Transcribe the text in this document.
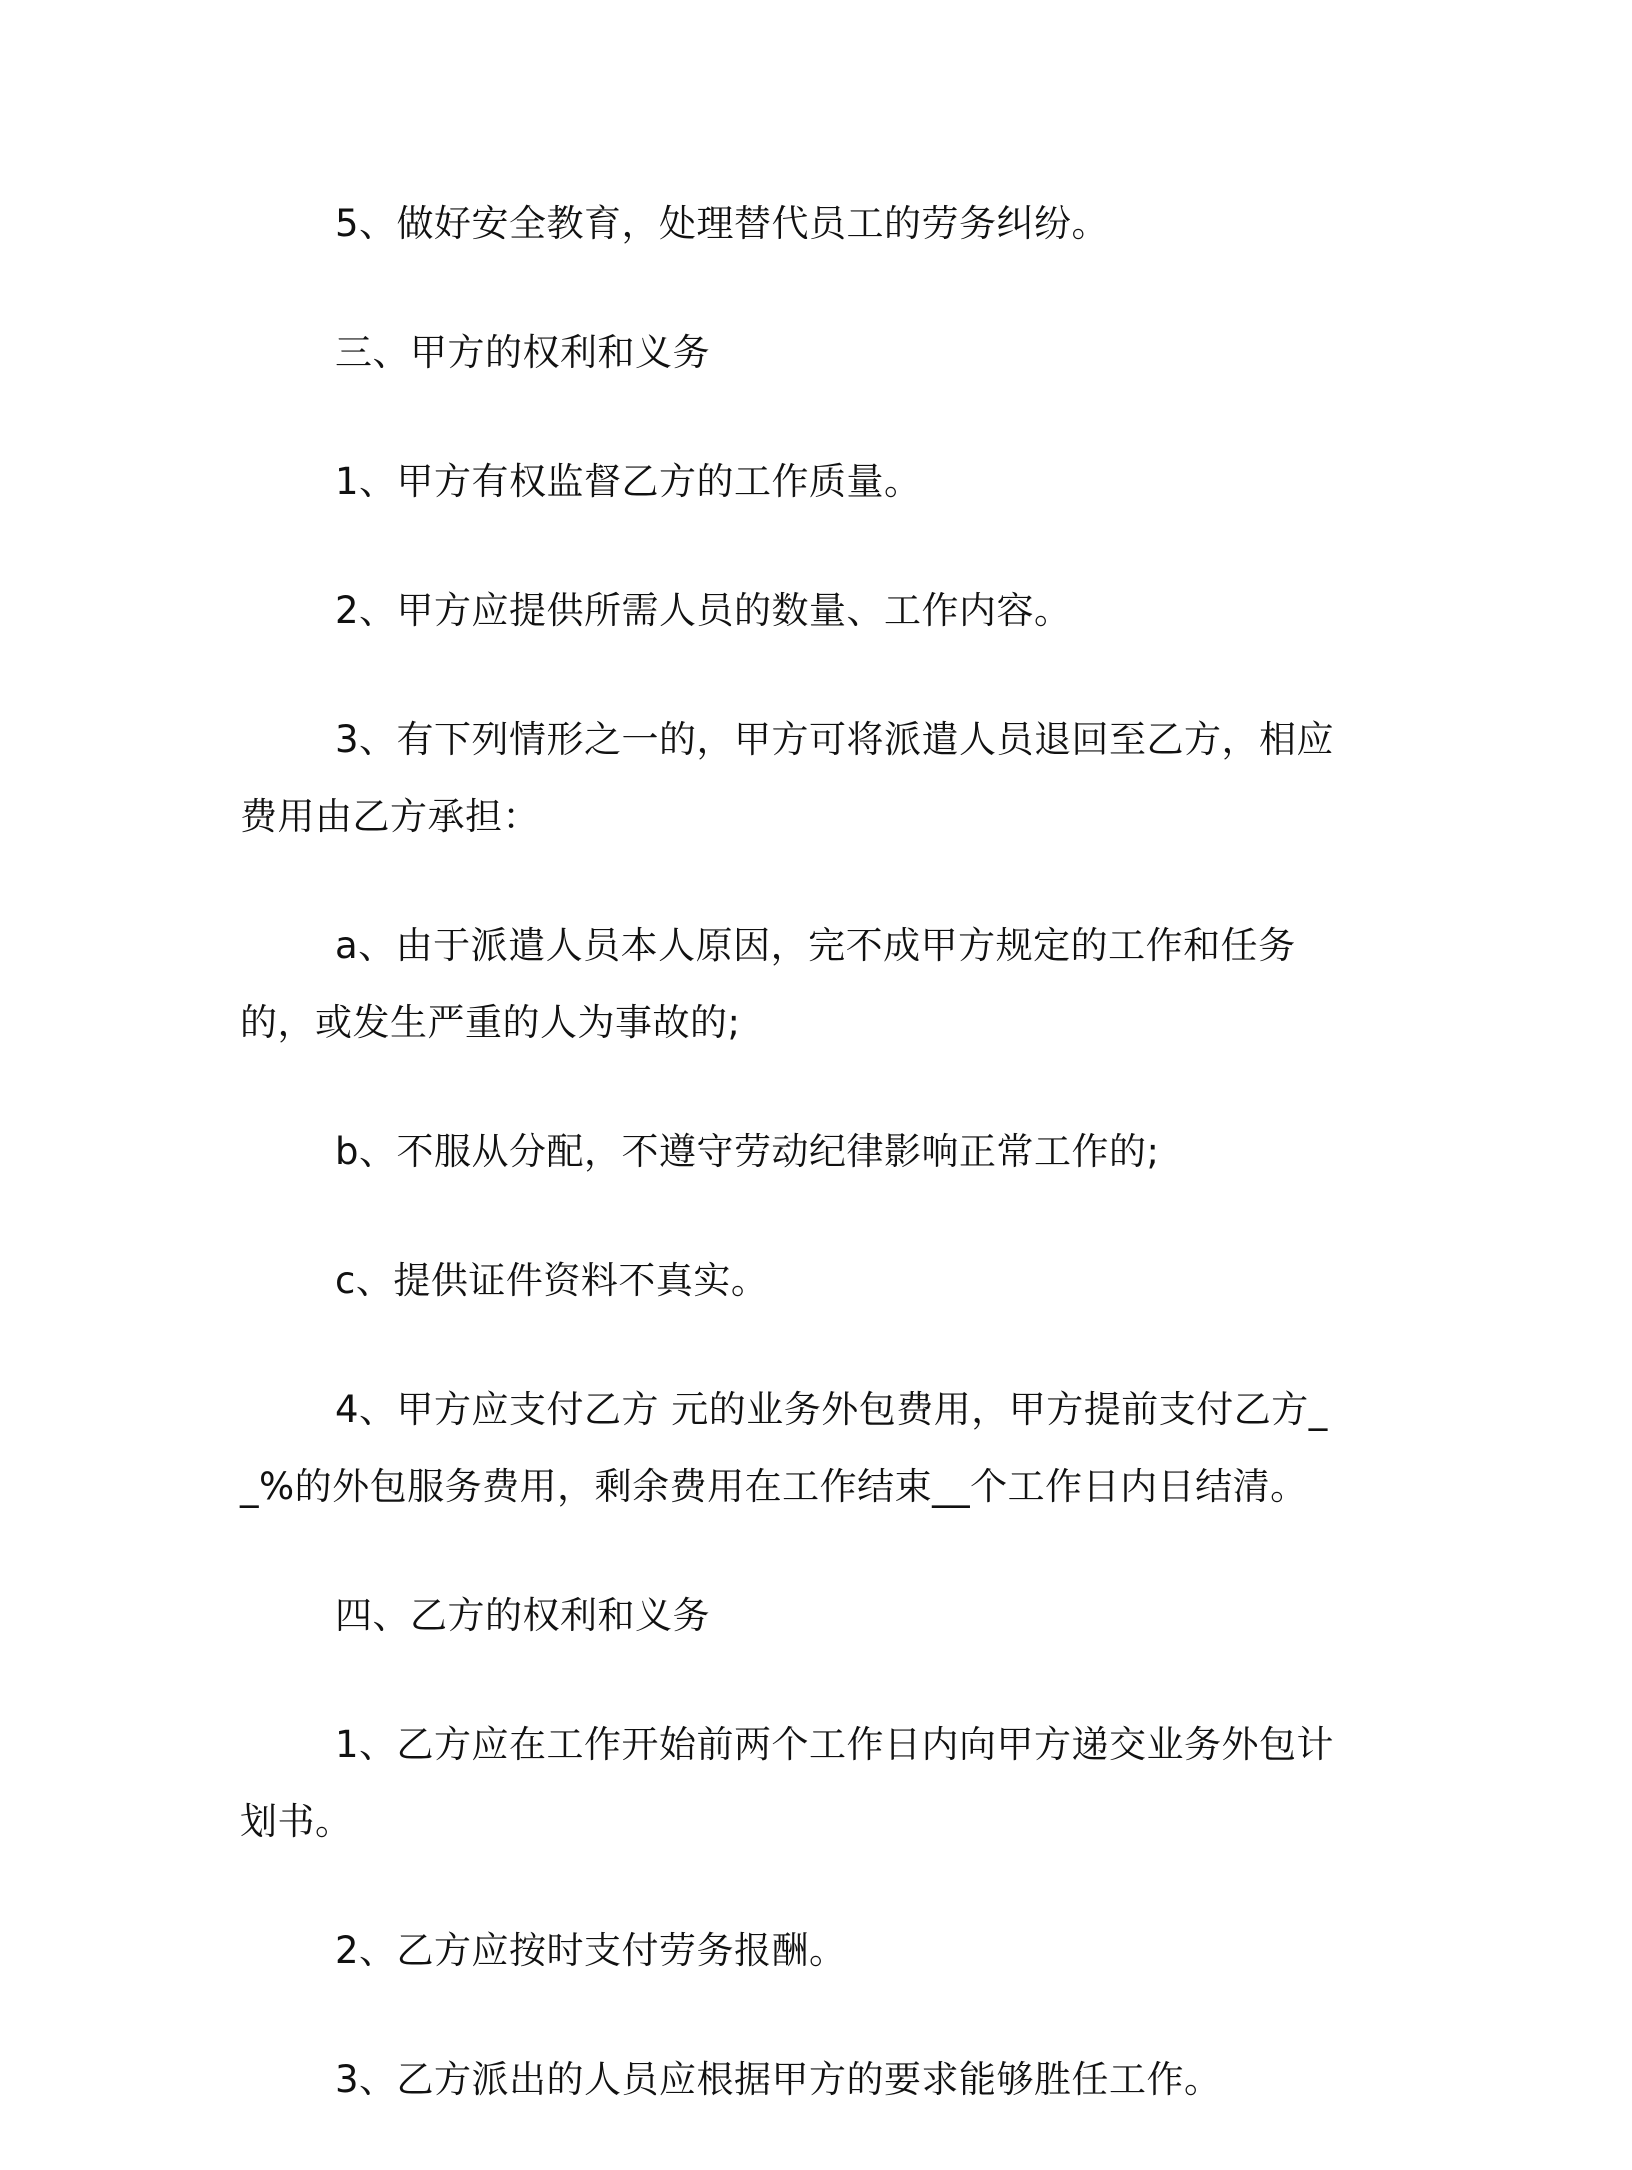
5、做好安全教育，处理替代员工的劳务纠纷。

三、甲方的权利和义务

1、甲方有权监督乙方的工作质量。

2、甲方应提供所需人员的数量、工作内容。

3、有下列情形之一的，甲方可将派遣人员退回至乙方，相应费用由乙方承担：

a、由于派遣人员本人原因，完不成甲方规定的工作和任务的，或发生严重的人为事故的;

b、不服从分配，不遵守劳动纪律影响正常工作的;

c、提供证件资料不真实。

4、甲方应支付乙方 元的业务外包费用，甲方提前支付乙方__%的外包服务费用，剩余费用在工作结束__个工作日内日结清。

四、乙方的权利和义务

1、乙方应在工作开始前两个工作日内向甲方递交业务外包计划书。

2、乙方应按时支付劳务报酬。

3、乙方派出的人员应根据甲方的要求能够胜任工作。
